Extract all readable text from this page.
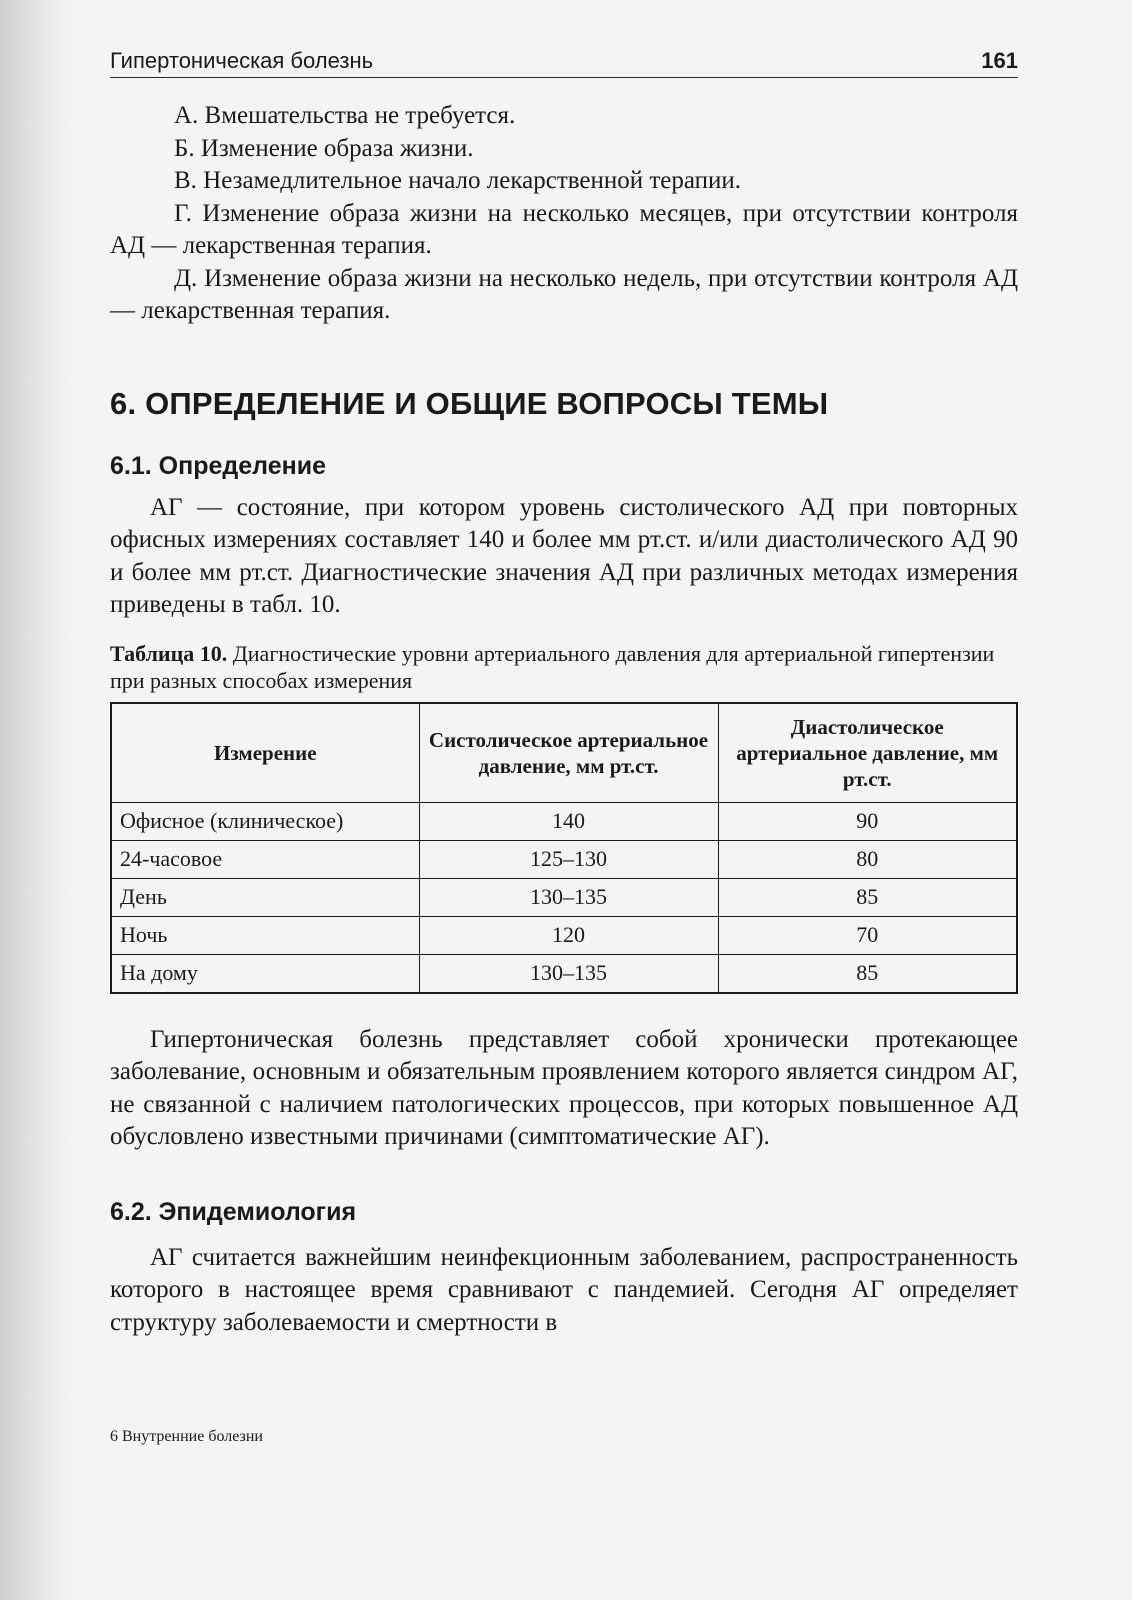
Гипертоническая болезнь	161

А. Вмешательства не требуется.

Б. Изменение образа жизни.

В. Незамедлительное начало лекарственной терапии.

Г. Изменение образа жизни на несколько месяцев, при отсутствии контроля АД — лекарственная терапия.

Д. Изменение образа жизни на несколько недель, при отсутствии контроля АД — лекарственная терапия.

6. ОПРЕДЕЛЕНИЕ И ОБЩИЕ ВОПРОСЫ ТЕМЫ
6.1. Определение

АГ — состояние, при котором уровень систолического АД при повторных офисных измерениях составляет 140 и более мм рт.ст. и/или диастолического АД 90 и более мм рт.ст. Диагностические значения АД при различных методах измерения приведены в табл. 10.

Таблица 10. Диагностические уровни артериального давления для артериальной гипертензии при разных способах измерения
Измерение	Систолическое артериальное давление, мм рт.ст.	Диастолическое артериальное давление, мм рт.ст.
Офисное (клиническое)	140	90
24-часовое	125–130	80
День	130–135	85
Ночь	120	70
На дому	130–135	85

Гипертоническая болезнь представляет собой хронически протекающее заболевание, основным и обязательным проявлением которого является синдром АГ, не связанной с наличием патологических процессов, при которых повышенное АД обусловлено известными причинами (симптоматические АГ).

6.2. Эпидемиология

АГ считается важнейшим неинфекционным заболеванием, распространенность которого в настоящее время сравнивают с пандемией. Сегодня АГ определяет структуру заболеваемости и смертности в

6 Внутренние болезни
